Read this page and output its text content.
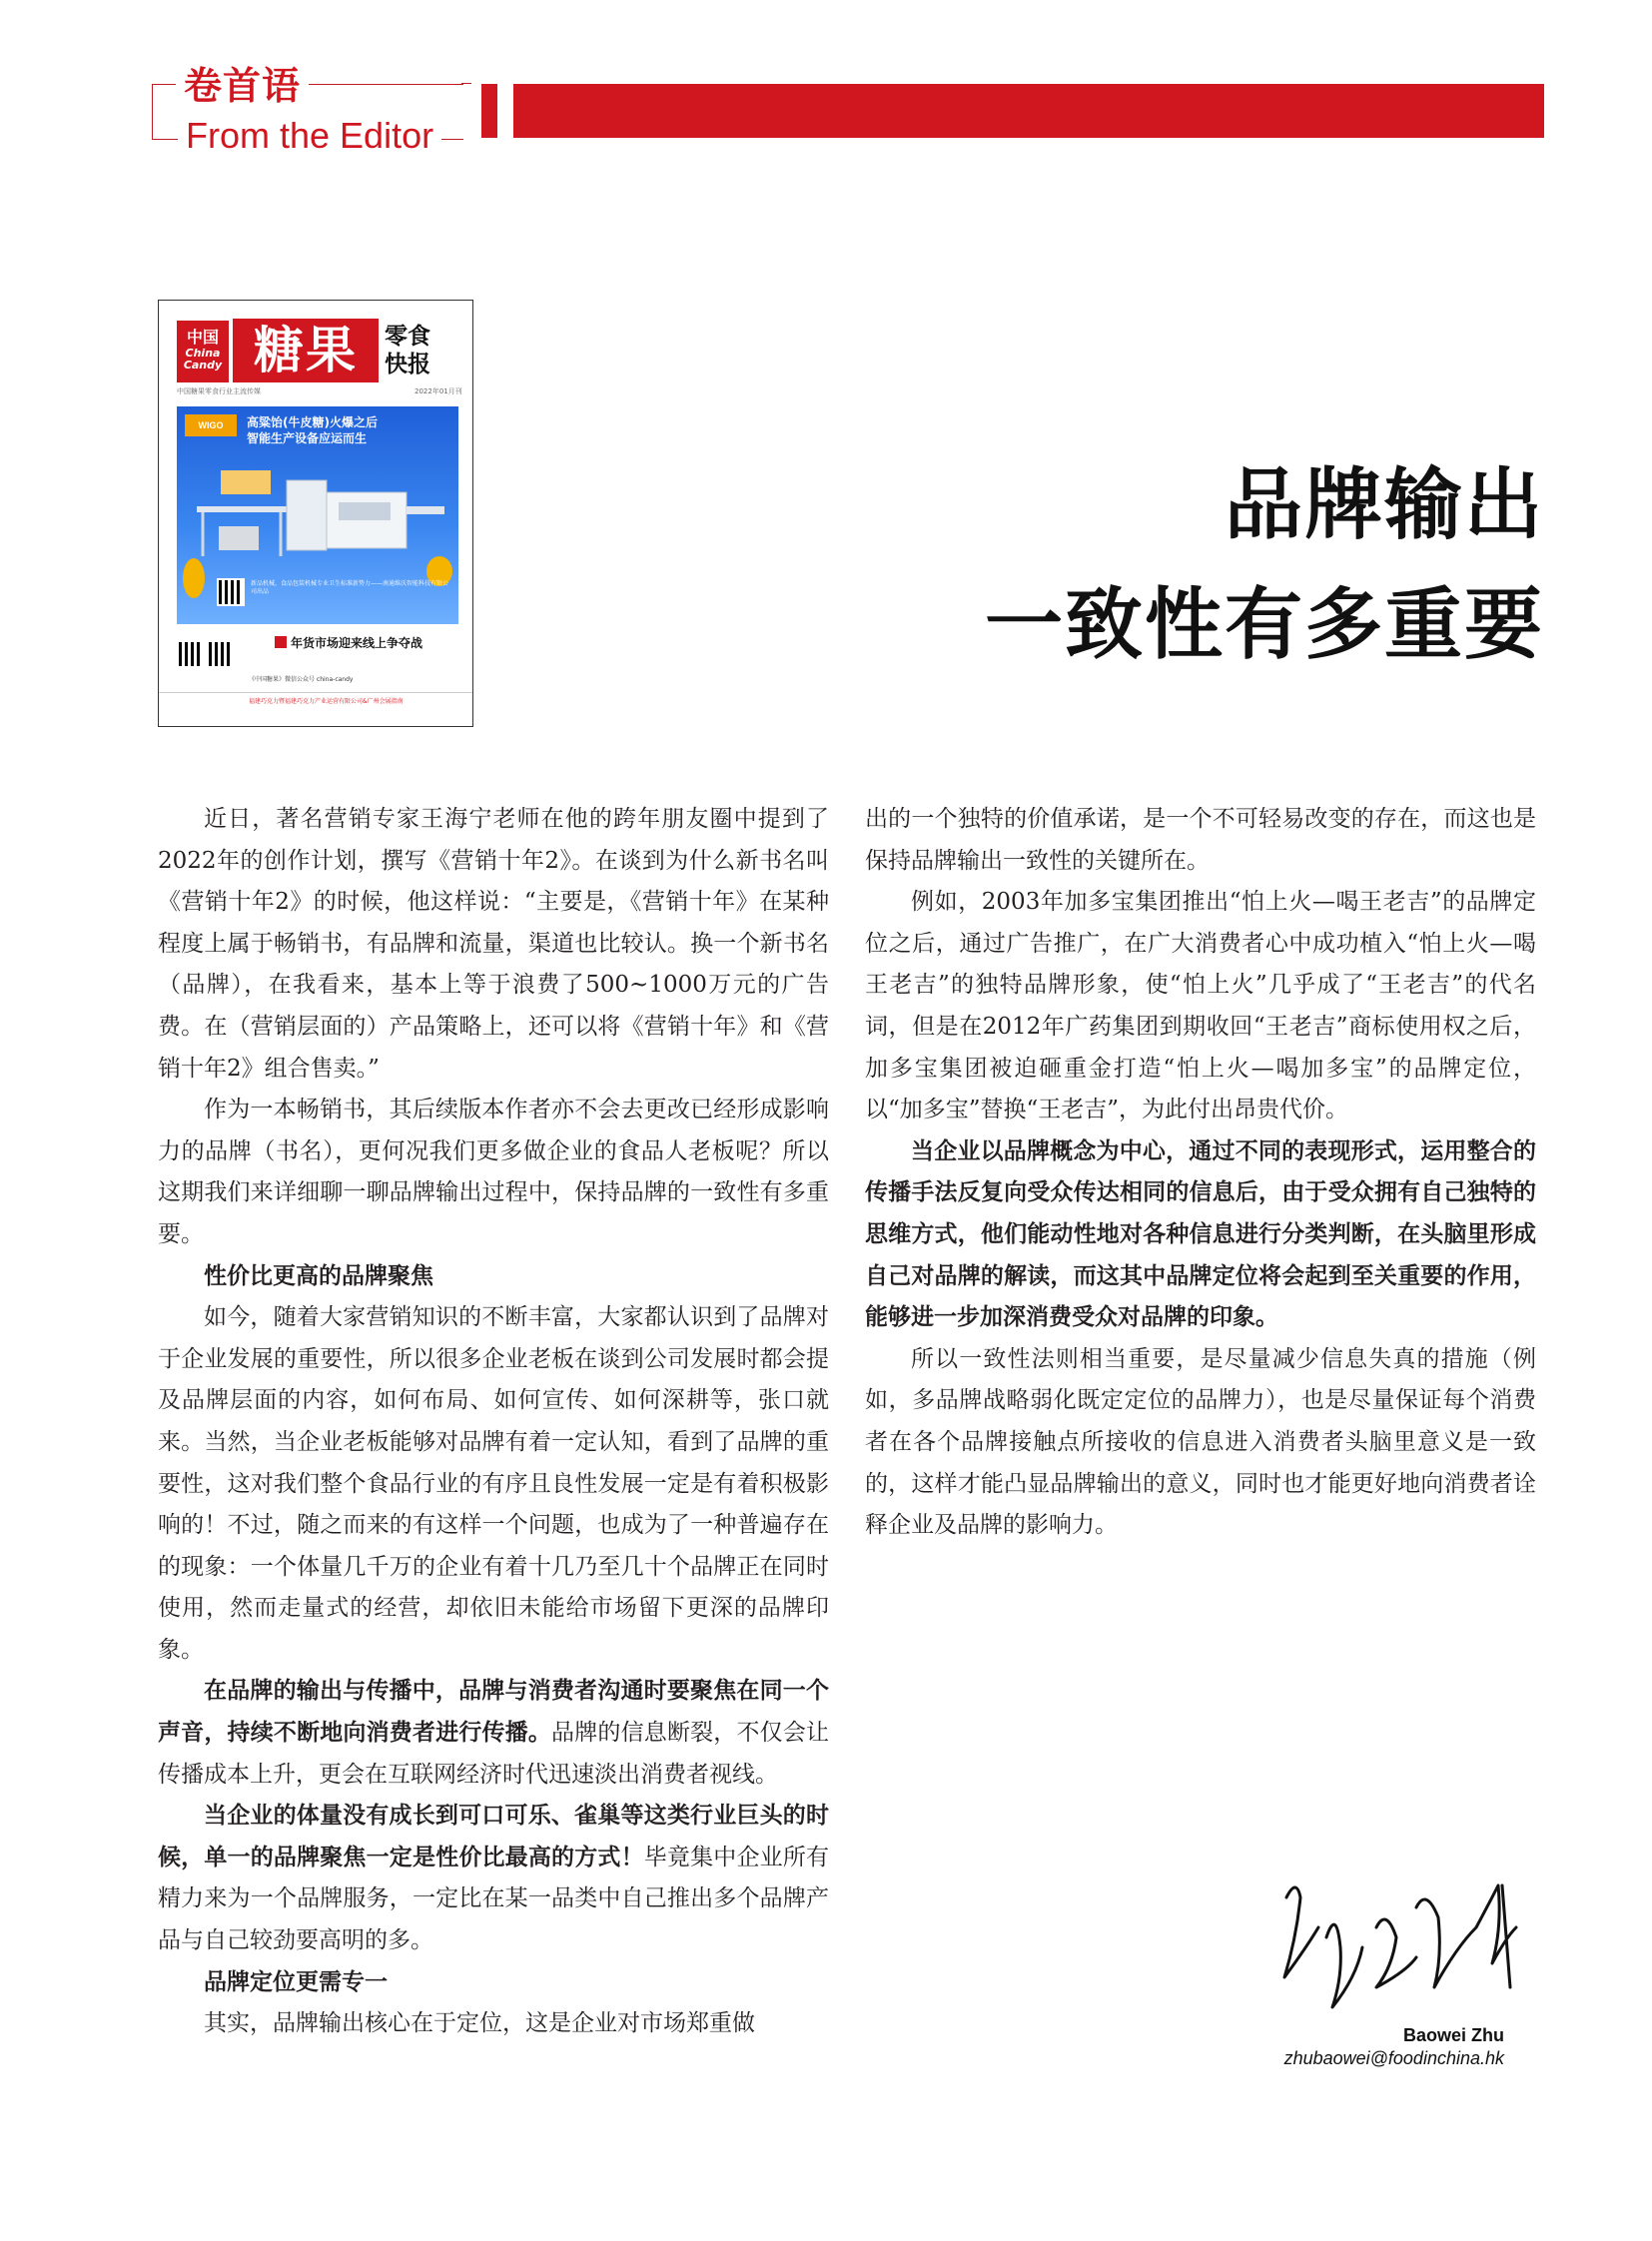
卷首语
From the Editor
中国
China Candy 糖果	零食
快报
中国糖果零食行业主流传媒	2022年01月刊
WIGO	高粱饴(牛皮糖)火爆之后
智能生产设备应运而生
新品机械，食品包装机械专业卫生标准新势力——南通维沃智能科技有限公司出品
年货市场迎来线上争夺战
《中国糖果》微信公众号 china-candy
福建巧克力暨福建巧克力产业运营有限公司&广州会展指南
品牌输出
一致性有多重要

近日，著名营销专家王海宁老师在他的跨年朋友圈中提到了2022年的创作计划，撰写《营销十年2》。在谈到为什么新书名叫《营销十年2》的时候，他这样说：“主要是，《营销十年》在某种程度上属于畅销书，有品牌和流量，渠道也比较认。换一个新书名（品牌），在我看来，基本上等于浪费了500~1000万元的广告费。在（营销层面的）产品策略上，还可以将《营销十年》和《营销十年2》组合售卖。”

作为一本畅销书，其后续版本作者亦不会去更改已经形成影响力的品牌（书名），更何况我们更多做企业的食品人老板呢？所以这期我们来详细聊一聊品牌输出过程中，保持品牌的一致性有多重要。

性价比更高的品牌聚焦

如今，随着大家营销知识的不断丰富，大家都认识到了品牌对于企业发展的重要性，所以很多企业老板在谈到公司发展时都会提及品牌层面的内容，如何布局、如何宣传、如何深耕等，张口就来。当然，当企业老板能够对品牌有着一定认知，看到了品牌的重要性，这对我们整个食品行业的有序且良性发展一定是有着积极影响的！不过，随之而来的有这样一个问题，也成为了一种普遍存在的现象：一个体量几千万的企业有着十几乃至几十个品牌正在同时使用，然而走量式的经营，却依旧未能给市场留下更深的品牌印象。

在品牌的输出与传播中，品牌与消费者沟通时要聚焦在同一个声音，持续不断地向消费者进行传播。品牌的信息断裂，不仅会让传播成本上升，更会在互联网经济时代迅速淡出消费者视线。

当企业的体量没有成长到可口可乐、雀巢等这类行业巨头的时候，单一的品牌聚焦一定是性价比最高的方式！毕竟集中企业所有精力来为一个品牌服务，一定比在某一品类中自己推出多个品牌产品与自己较劲要高明的多。

品牌定位更需专一

其实，品牌输出核心在于定位，这是企业对市场郑重做

出的一个独特的价值承诺，是一个不可轻易改变的存在，而这也是保持品牌输出一致性的关键所在。

例如，2003年加多宝集团推出“怕上火—喝王老吉”的品牌定位之后，通过广告推广，在广大消费者心中成功植入“怕上火—喝王老吉”的独特品牌形象，使“怕上火”几乎成了“王老吉”的代名词，但是在2012年广药集团到期收回“王老吉”商标使用权之后，加多宝集团被迫砸重金打造“怕上火—喝加多宝”的品牌定位，以“加多宝”替换“王老吉”，为此付出昂贵代价。

当企业以品牌概念为中心，通过不同的表现形式，运用整合的传播手法反复向受众传达相同的信息后，由于受众拥有自己独特的思维方式，他们能动性地对各种信息进行分类判断，在头脑里形成自己对品牌的解读，而这其中品牌定位将会起到至关重要的作用，能够进一步加深消费受众对品牌的印象。

所以一致性法则相当重要，是尽量减少信息失真的措施（例如，多品牌战略弱化既定定位的品牌力），也是尽量保证每个消费者在各个品牌接触点所接收的信息进入消费者头脑里意义是一致的，这样才能凸显品牌输出的意义，同时也才能更好地向消费者诠释企业及品牌的影响力。

Baowei Zhu
zhubaowei@foodinchina.hk
